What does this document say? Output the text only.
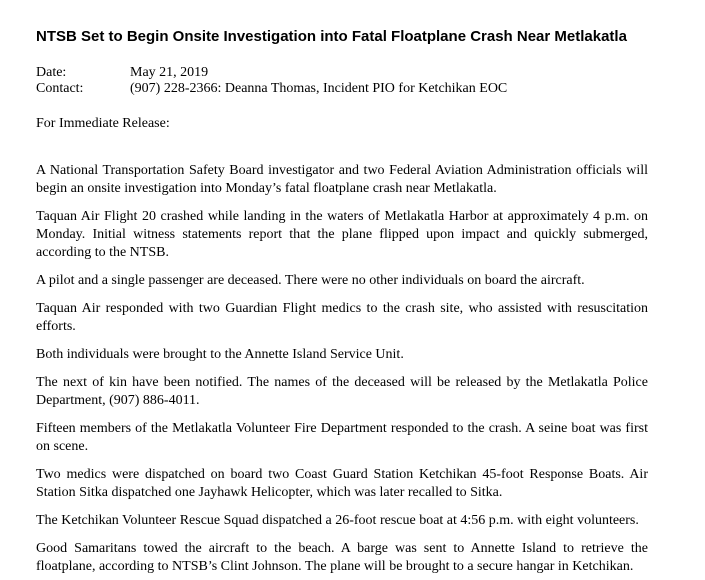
NTSB Set to Begin Onsite Investigation into Fatal Floatplane Crash Near Metlakatla
Date:	May 21, 2019
Contact:	(907) 228-2366: Deanna Thomas, Incident PIO for Ketchikan EOC

For Immediate Release:

A National Transportation Safety Board investigator and two Federal Aviation Administration officials will begin an onsite investigation into Monday’s fatal floatplane crash near Metlakatla.

Taquan Air Flight 20 crashed while landing in the waters of Metlakatla Harbor at approximately 4 p.m. on Monday. Initial witness statements report that the plane flipped upon impact and quickly submerged, according to the NTSB.

A pilot and a single passenger are deceased. There were no other individuals on board the aircraft.

Taquan Air responded with two Guardian Flight medics to the crash site, who assisted with resuscitation efforts.

Both individuals were brought to the Annette Island Service Unit.

The next of kin have been notified. The names of the deceased will be released by the Metlakatla Police Department, (907) 886-4011.

Fifteen members of the Metlakatla Volunteer Fire Department responded to the crash. A seine boat was first on scene.

Two medics were dispatched on board two Coast Guard Station Ketchikan 45-foot Response Boats. Air Station Sitka dispatched one Jayhawk Helicopter, which was later recalled to Sitka.

The Ketchikan Volunteer Rescue Squad dispatched a 26-foot rescue boat at 4:56 p.m. with eight volunteers.

Good Samaritans towed the aircraft to the beach. A barge was sent to Annette Island to retrieve the floatplane, according to NTSB’s Clint Johnson. The plane will be brought to a secure hangar in Ketchikan.
